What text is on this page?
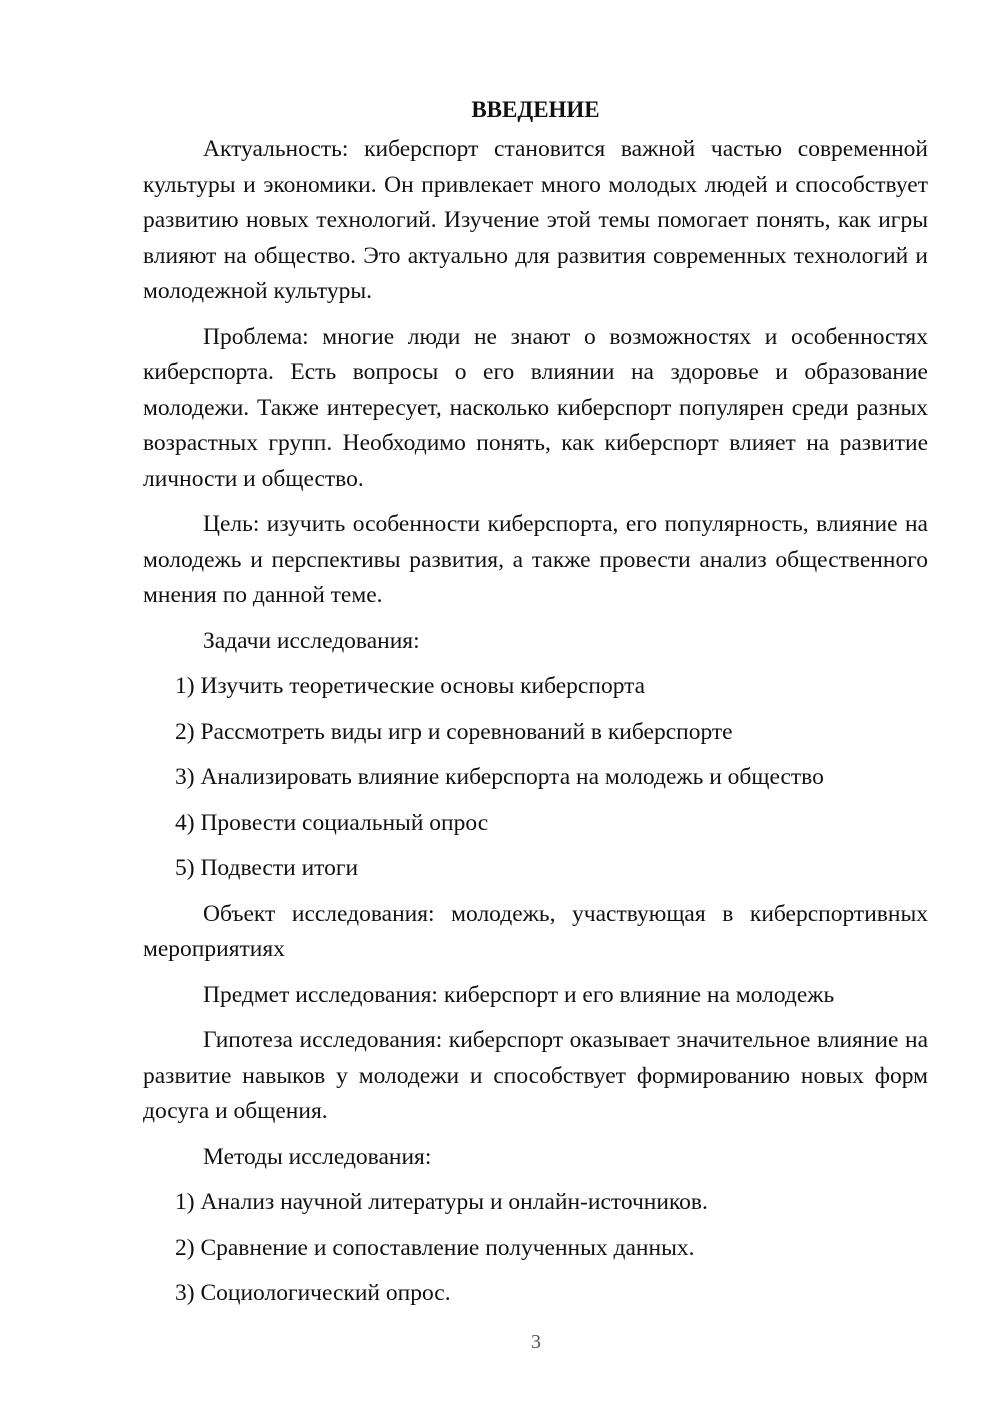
ВВЕДЕНИЕ

Актуальность: киберспорт становится важной частью современной культуры и экономики. Он привлекает много молодых людей и способствует развитию новых технологий. Изучение этой темы помогает понять, как игры влияют на общество. Это актуально для развития современных технологий и молодежной культуры.

Проблема: многие люди не знают о возможностях и особенностях киберспорта. Есть вопросы о его влиянии на здоровье и образование молодежи. Также интересует, насколько киберспорт популярен среди разных возрастных групп. Необходимо понять, как киберспорт влияет на развитие личности и общество.

Цель: изучить особенности киберспорта, его популярность, влияние на молодежь и перспективы развития, а также провести анализ общественного мнения по данной теме.

Задачи исследования:

1) Изучить теоретические основы киберспорта
2) Рассмотреть виды игр и соревнований в киберспорте
3) Анализировать влияние киберспорта на молодежь и общество
4) Провести социальный опрос
5) Подвести итоги

Объект исследования: молодежь, участвующая в киберспортивных мероприятиях

Предмет исследования: киберспорт и его влияние на молодежь

Гипотеза исследования: киберспорт оказывает значительное влияние на развитие навыков у молодежи и способствует формированию новых форм досуга и общения.

Методы исследования:

1) Анализ научной литературы и онлайн-источников.
2) Сравнение и сопоставление полученных данных.
3) Социологический опрос.
3
